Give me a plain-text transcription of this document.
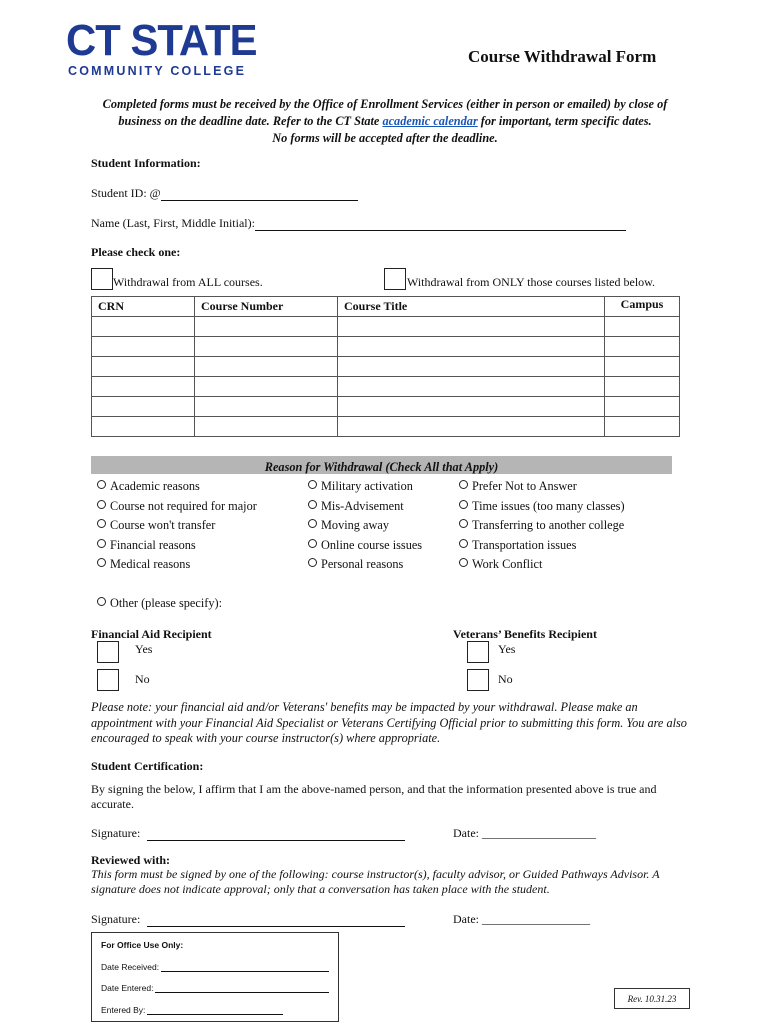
CT STATE
COMMUNITY COLLEGE
Course Withdrawal Form
Completed forms must be received by the Office of Enrollment Services (either in person or emailed) by close of
business on the deadline date. Refer to the CT State academic calendar for important, term specific dates.
No forms will be accepted after the deadline.
Student Information:
Student ID: @
Name (Last, First, Middle Initial):
Please check one:
Withdrawal from ALL courses.	Withdrawal from ONLY those courses listed below.
CRN	Course Number	Course Title	Campus

Reason for Withdrawal (Check All that Apply)
Academic reasons
Course not required for major
Course won't transfer
Financial reasons
Medical reasons
Military activation
Mis-Advisement
Moving away
Online course issues
Personal reasons
Prefer Not to Answer
Time issues (too many classes)
Transferring to another college
Transportation issues
Work Conflict
Other (please specify):
Financial Aid Recipient
Yes
No
Veterans’ Benefits Recipient
Yes
No
Please note: your financial aid and/or Veterans' benefits may be impacted by your withdrawal. Please make an appointment with your Financial Aid Specialist or Veterans Certifying Official prior to submitting this form. You are also encouraged to speak with your course instructor(s) where appropriate.
Student Certification:
By signing the below, I affirm that I am the above-named person, and that the information presented above is true and accurate.
Signature:	Date: ___________________
Reviewed with:
This form must be signed by one of the following: course instructor(s), faculty advisor, or Guided Pathways Advisor. A signature does not indicate approval; only that a conversation has taken place with the student.
Signature:	Date: __________________
For Office Use Only:
Date Received:
Date Entered:
Entered By:
Rev. 10.31.23
